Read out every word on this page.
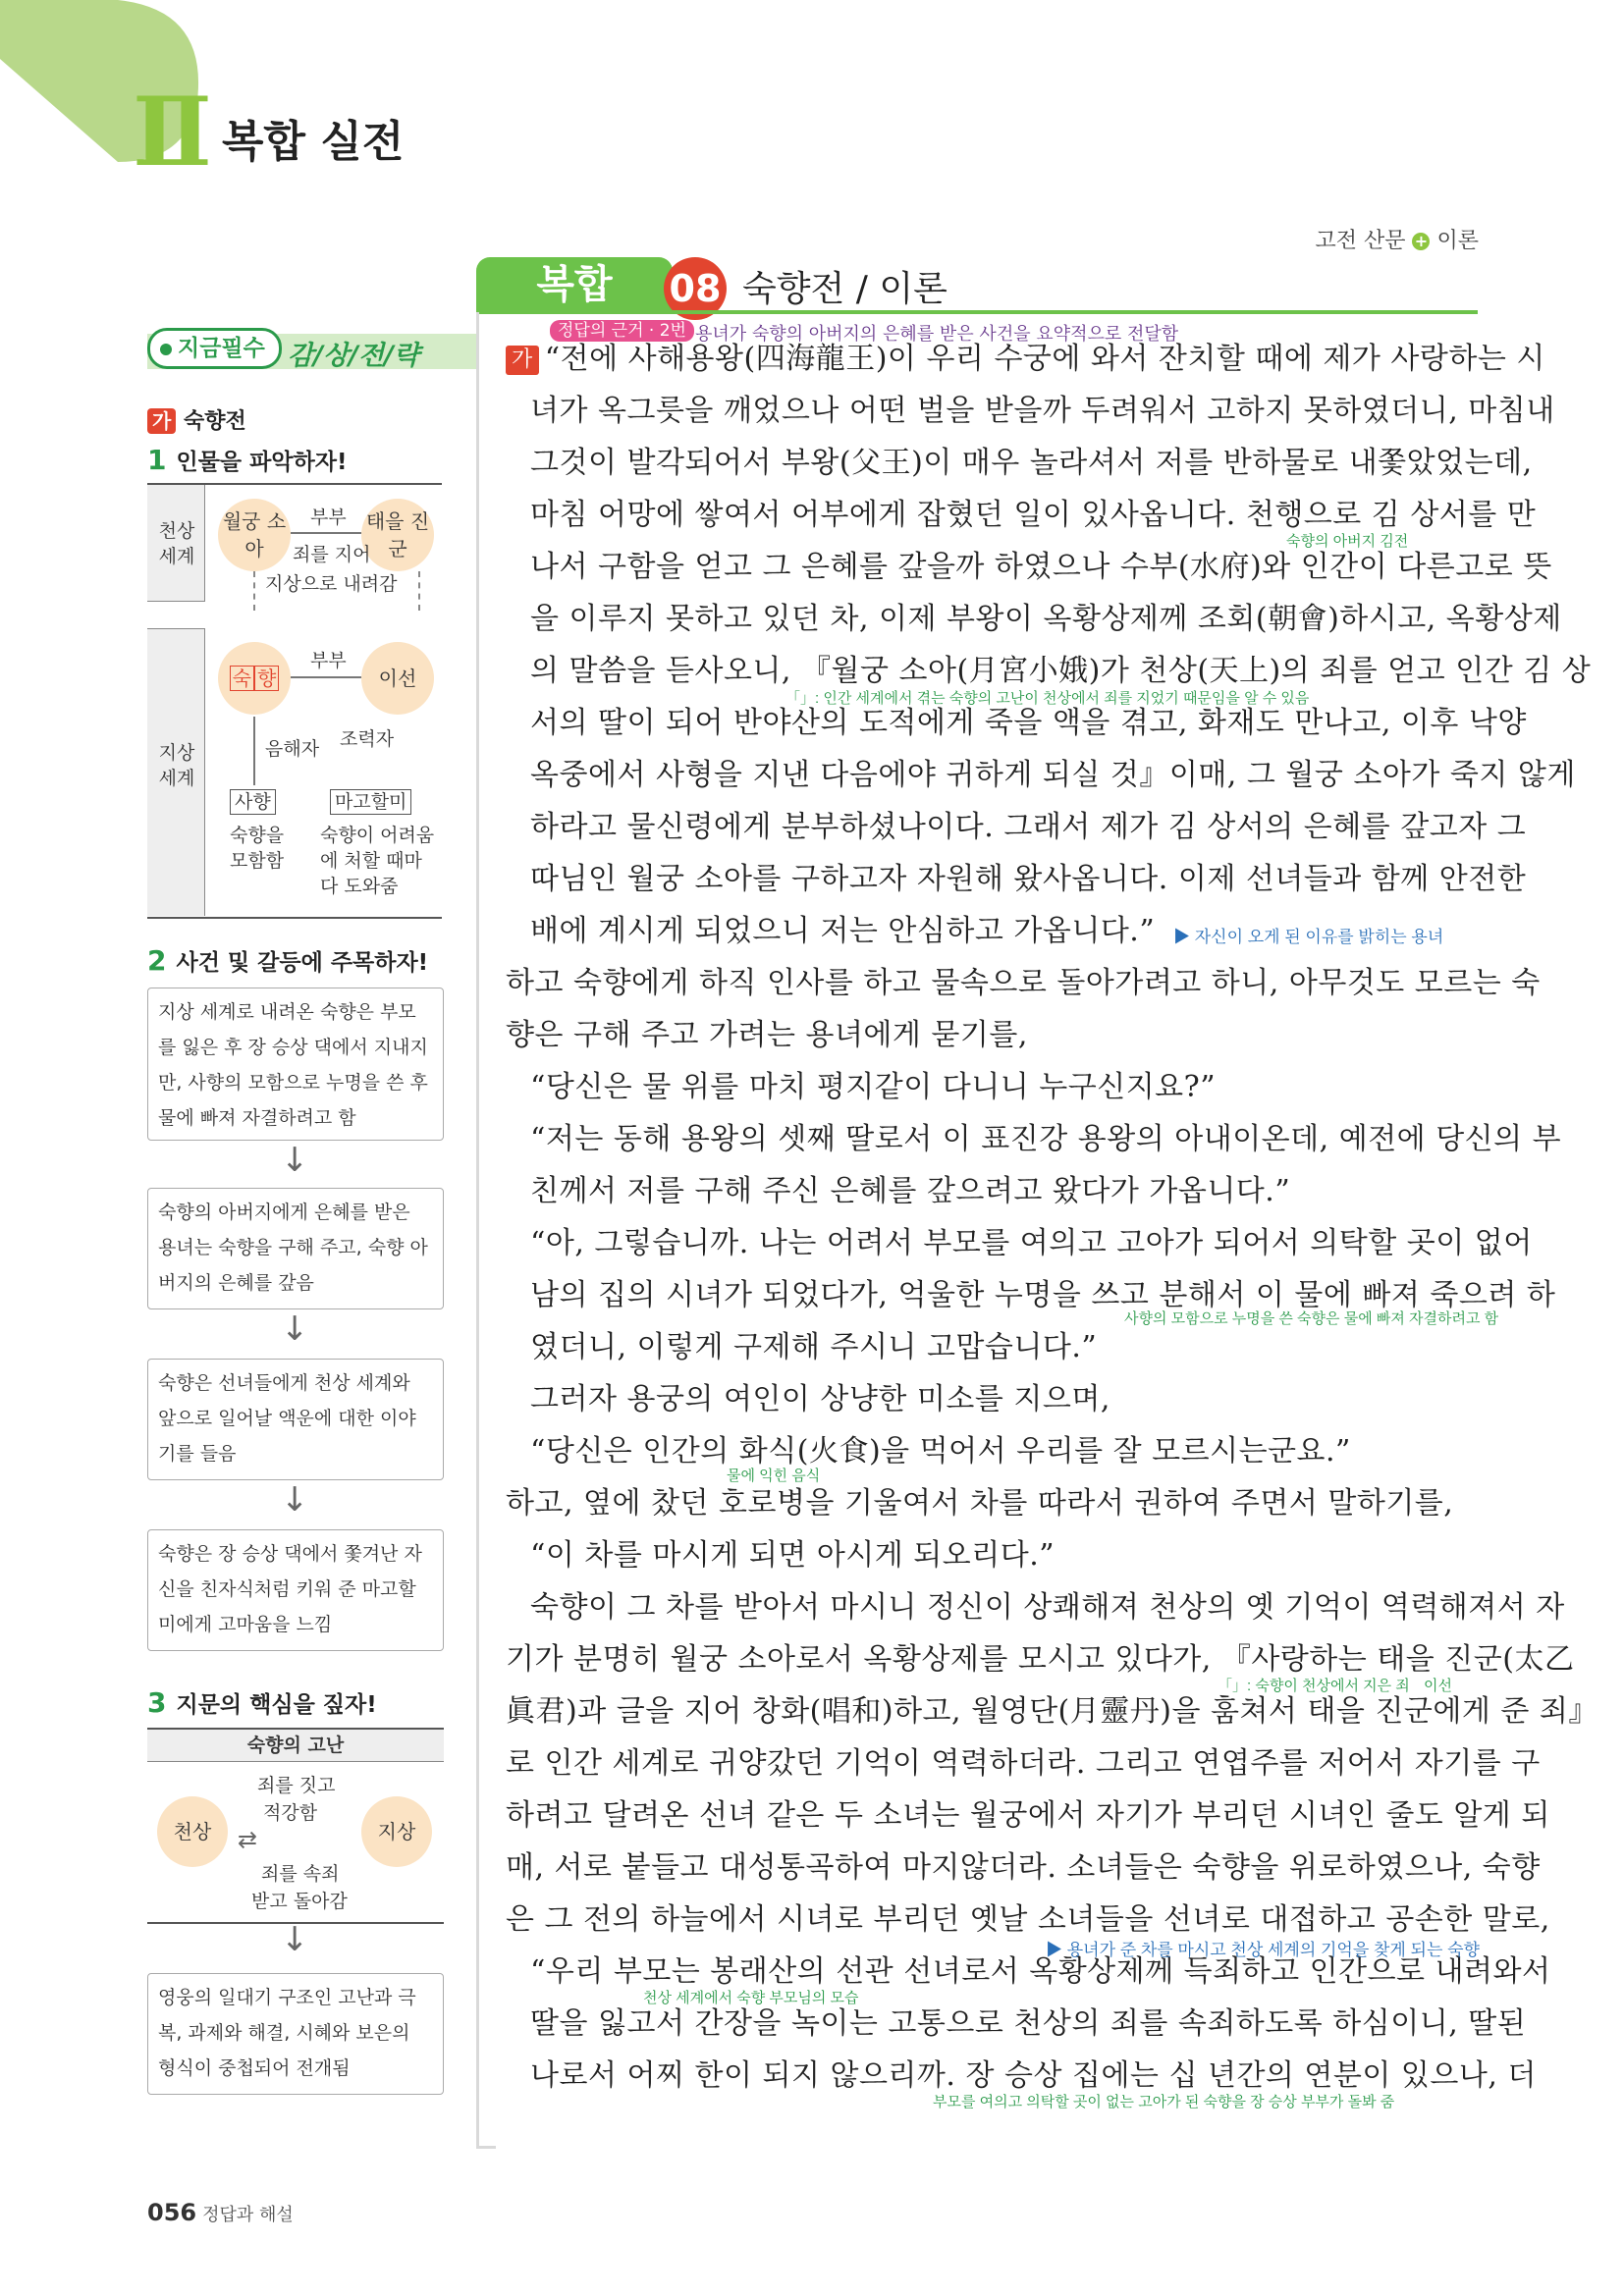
Ⅱ 복합 실전
고전 산문 + 이론
복합	08 숙향전 / 이론
지금필수 감/상/전/략
가 숙향전
1 인물을 파악하자!
천상 세계
월궁 소아
태을 진군
부부
죄를 지어
지상으로 내려감
지상 세계
숙 향	이선
부부
음해자 조력자
사향	마고할미
숙향을 모함함
숙향이 어려움에 처할 때마다 도와줌
2 사건 및 갈등에 주목하자!
지상 세계로 내려온 숙향은 부모를 잃은 후 장 승상 댁에서 지내지만, 사향의 모함으로 누명을 쓴 후 물에 빠져 자결하려고 함
↓
숙향의 아버지에게 은혜를 받은 용녀는 숙향을 구해 주고, 숙향 아버지의 은혜를 갚음
↓
숙향은 선녀들에게 천상 세계와 앞으로 일어날 액운에 대한 이야기를 들음
↓
숙향은 장 승상 댁에서 쫓겨난 자신을 친자식처럼 키워 준 마고할미에게 고마움을 느낌
3 지문의 핵심을 짚자!
숙향의 고난
천상	지상
죄를 짓고
적강함
⇄
죄를 속죄
받고 돌아감
↓
영웅의 일대기 구조인 고난과 극복, 과제와 해결, 시혜와 보은의 형식이 중첩되어 전개됨
정답의 근거 · 2번 용녀가 숙향의 아버지의 은혜를 받은 사건을 요약적으로 전달함
가 “전에 사해용왕(四海龍王)이 우리 수궁에 와서 잔치할 때에 제가 사랑하는 시
녀가 옥그릇을 깨었으나 어떤 벌을 받을까 두려워서 고하지 못하였더니, 마침내
그것이 발각되어서 부왕(父王)이 매우 놀라셔서 저를 반하물로 내쫓았었는데,
마침 어망에 쌓여서 어부에게 잡혔던 일이 있사옵니다. 천행으로 김 상서를 만
나서 구함을 얻고 그 은혜를 갚을까 하였으나 수부(水府)와 인간이 다른고로 뜻
을 이루지 못하고 있던 차, 이제 부왕이 옥황상제께 조회(朝會)하시고, 옥황상제
의 말씀을 듣사오니, 『월궁 소아(月宮小娥)가 천상(天上)의 죄를 얻고 인간 김 상
서의 딸이 되어 반야산의 도적에게 죽을 액을 겪고, 화재도 만나고, 이후 낙양
옥중에서 사형을 지낸 다음에야 귀하게 되실 것』이매, 그 월궁 소아가 죽지 않게
하라고 물신령에게 분부하셨나이다. 그래서 제가 김 상서의 은혜를 갚고자 그
따님인 월궁 소아를 구하고자 자원해 왔사옵니다. 이제 선녀들과 함께 안전한
배에 계시게 되었으니 저는 안심하고 가옵니다.”
하고 숙향에게 하직 인사를 하고 물속으로 돌아가려고 하니, 아무것도 모르는 숙
향은 구해 주고 가려는 용녀에게 묻기를,
“당신은 물 위를 마치 평지같이 다니니 누구신지요?”
“저는 동해 용왕의 셋째 딸로서 이 표진강 용왕의 아내이온데, 예전에 당신의 부
친께서 저를 구해 주신 은혜를 갚으려고 왔다가 가옵니다.”
“아, 그렇습니까. 나는 어려서 부모를 여의고 고아가 되어서 의탁할 곳이 없어
남의 집의 시녀가 되었다가, 억울한 누명을 쓰고 분해서 이 물에 빠져 죽으려 하
였더니, 이렇게 구제해 주시니 고맙습니다.”
그러자 용궁의 여인이 상냥한 미소를 지으며,
“당신은 인간의 화식(火食)을 먹어서 우리를 잘 모르시는군요.”
하고, 옆에 찼던 호로병을 기울여서 차를 따라서 권하여 주면서 말하기를,
“이 차를 마시게 되면 아시게 되오리다.”
숙향이 그 차를 받아서 마시니 정신이 상쾌해져 천상의 옛 기억이 역력해져서 자
기가 분명히 월궁 소아로서 옥황상제를 모시고 있다가, 『사랑하는 태을 진군(太乙
眞君)과 글을 지어 창화(唱和)하고, 월영단(月靈丹)을 훔쳐서 태을 진군에게 준 죄』
로 인간 세계로 귀양갔던 기억이 역력하더라. 그리고 연엽주를 저어서 자기를 구
하려고 달려온 선녀 같은 두 소녀는 월궁에서 자기가 부리던 시녀인 줄도 알게 되
매, 서로 붙들고 대성통곡하여 마지않더라. 소녀들은 숙향을 위로하였으나, 숙향
은 그 전의 하늘에서 시녀로 부리던 옛날 소녀들을 선녀로 대접하고 공손한 말로,
“우리 부모는 봉래산의 선관 선녀로서 옥황상제께 득죄하고 인간으로 내려와서
딸을 잃고서 간장을 녹이는 고통으로 천상의 죄를 속죄하도록 하심이니, 딸된
나로서 어찌 한이 되지 않으리까. 장 승상 집에는 십 년간의 연분이 있으나, 더
숙향의 아버지 김전
「」: 인간 세계에서 겪는 숙향의 고난이 천상에서 죄를 지었기 때문임을 알 수 있음
사향의 모함으로 누명을 쓴 숙향은 물에 빠져 자결하려고 함
물에 익힌 음식
「」: 숙향이 천상에서 지은 죄 이선
천상 세계에서 숙향 부모님의 모습
부모를 여의고 의탁할 곳이 없는 고아가 된 숙향을 장 승상 부부가 돌봐 줌
▶ 자신이 오게 된 이유를 밝히는 용녀
▶ 용녀가 준 차를 마시고 천상 세계의 기억을 찾게 되는 숙향
056 정답과 해설
